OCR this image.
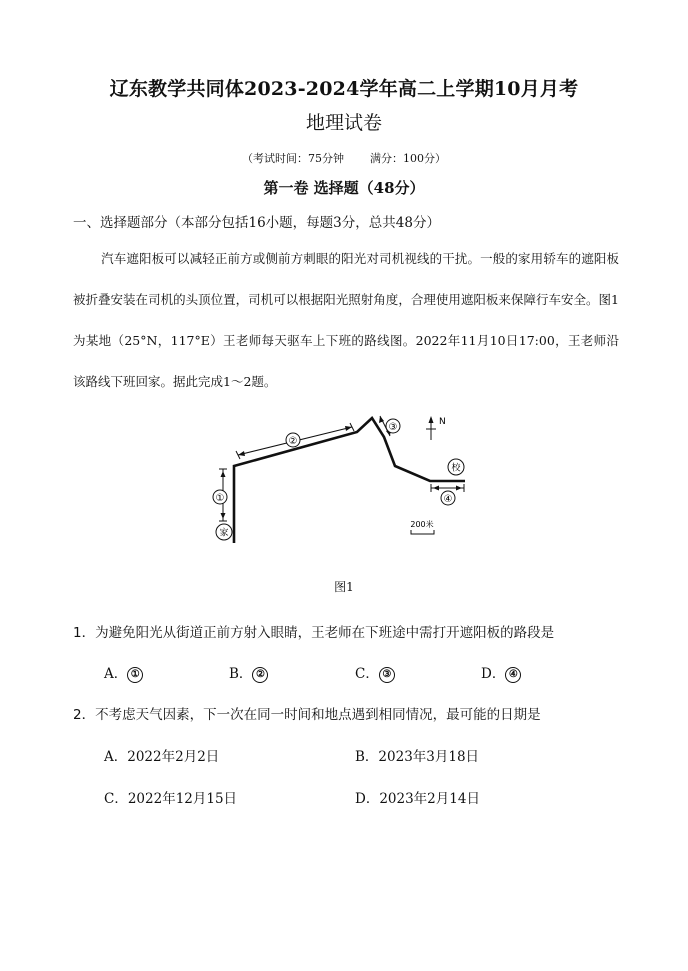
辽东教学共同体2023-2024学年高二上学期10月月考
地理试卷
（考试时间：75分钟 满分：100分）
第一卷 选择题（48分）
一、选择题部分（本部分包括16小题，每题3分，总共48分）
汽车遮阳板可以减轻正前方或侧前方刺眼的阳光对司机视线的干扰。一般的家用轿车的遮阳板被折叠安装在司机的头顶位置，司机可以根据阳光照射角度，合理使用遮阳板来保障行车安全。图1为某地（25°N，117°E）王老师每天驱车上下班的路线图。2022年11月10日17:00，王老师沿该路线下班回家。据此完成1～2题。
①
②
③
④
家
校
N
200米
图1
1．为避免阳光从街道正前方射入眼睛，王老师在下班途中需打开遮阳板的路段是
A． ①	B． ②	C． ③	D． ④
2．不考虑天气因素，下一次在同一时间和地点遇到相同情况，最可能的日期是
A．2022年2月2日	B．2023年3月18日
C．2022年12月15日	D．2023年2月14日
